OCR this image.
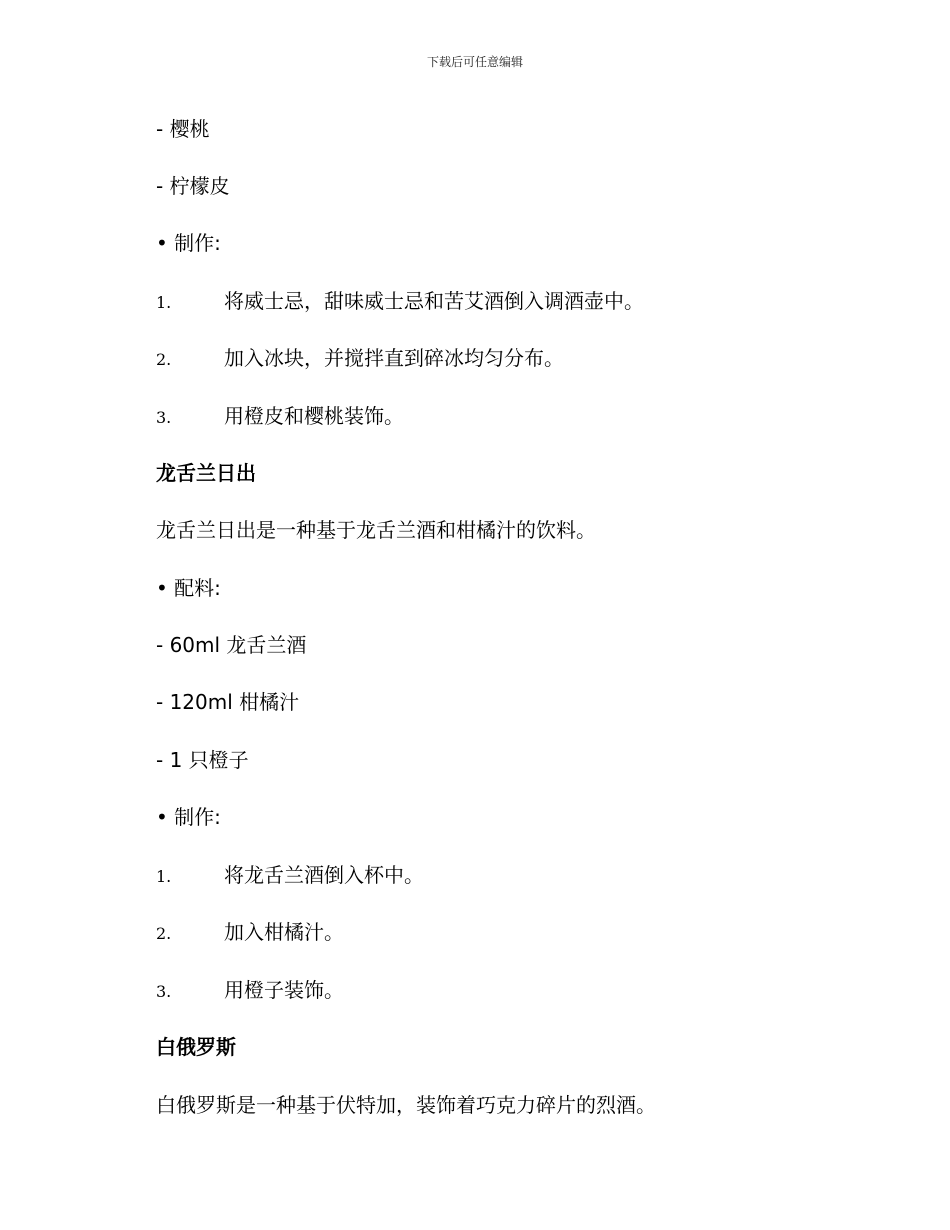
下载后可任意编辑
- 樱桃
- 柠檬皮
• 制作:
1.	将威士忌，甜味威士忌和苦艾酒倒入调酒壶中。
2.	加入冰块，并搅拌直到碎冰均匀分布。
3.	用橙皮和樱桃装饰。
龙舌兰日出
龙舌兰日出是一种基于龙舌兰酒和柑橘汁的饮料。
• 配料:
- 60ml 龙舌兰酒
- 120ml 柑橘汁
- 1 只橙子
• 制作:
1.	将龙舌兰酒倒入杯中。
2.	加入柑橘汁。
3.	用橙子装饰。
白俄罗斯
白俄罗斯是一种基于伏特加，装饰着巧克力碎片的烈酒。
